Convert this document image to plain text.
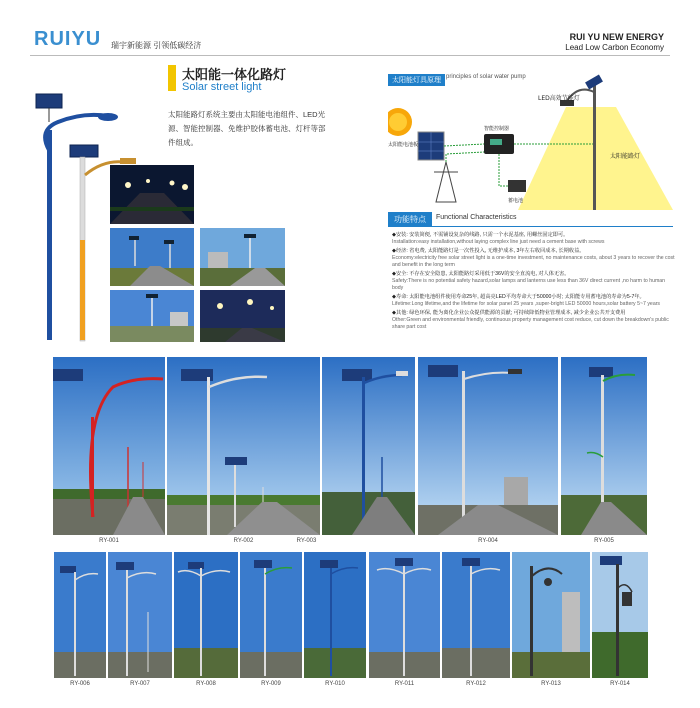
RUIYU 瑞宇新能源 引领低碳经济
RUI YU NEW ENERGY
Lead Low Carbon Economy
太阳能一体化路灯
Solar street light
太阳能路灯系统主要由太阳能电池组件、LED光源、智能控制器、免维护胶体蓄电池、灯杆等部件组成。
LED高效节能灯
太阳能电池板
智能控制器
太阳能路灯
蓄电池
太阳能灯具原理 principles of solar water pump
功能特点	Functional Characteristics
◆安装: 安装简便, 不需铺设复杂的线路, 只需一个水泥基座, 用螺丝固定即可。
Installation:easy installation,without laying complex line just need a cement base with screws
◆经济: 省电费, 太阳能路灯是一次性投入, 无维护成本, 3年左右收回成本, 长期收益。
Economy:electricity free solar street light is a one-time investment, no maintenance costs, about 3 years to recover the cost and benefit in the long term
◆安全: 不存在安全隐患, 太阳能路灯采用低于36V的安全直流电, 对人体无害。
Safety:There is no potential safety hazard,solar lamps and lanterns use less than 36V direct current ,no harm to human body
◆寿命: 太阳能电池组件使用寿命25年, 超高亮LED平均寿命大于50000小时; 太阳能专用蓄电池的寿命为5-7年。
Lifetime:Long lifetime,and the lifetime for solar panel 25 years ,super-bright LED 50000 hours,solar battery 5~7 years
◆其他: 绿色环保, 能为离化企业公众提供能源的贡献; 可持续降低物业管理成本, 减少企业公共开支费用
Other:Green and environmental friendly, continuous property management cost reduce, cut down the breakdown's public share part cost
RY-001	RY-002	RY-003	RY-004	RY-005
RY-006	RY-007	RY-008	RY-009	RY-010	RY-011	RY-012	RY-013	RY-014
